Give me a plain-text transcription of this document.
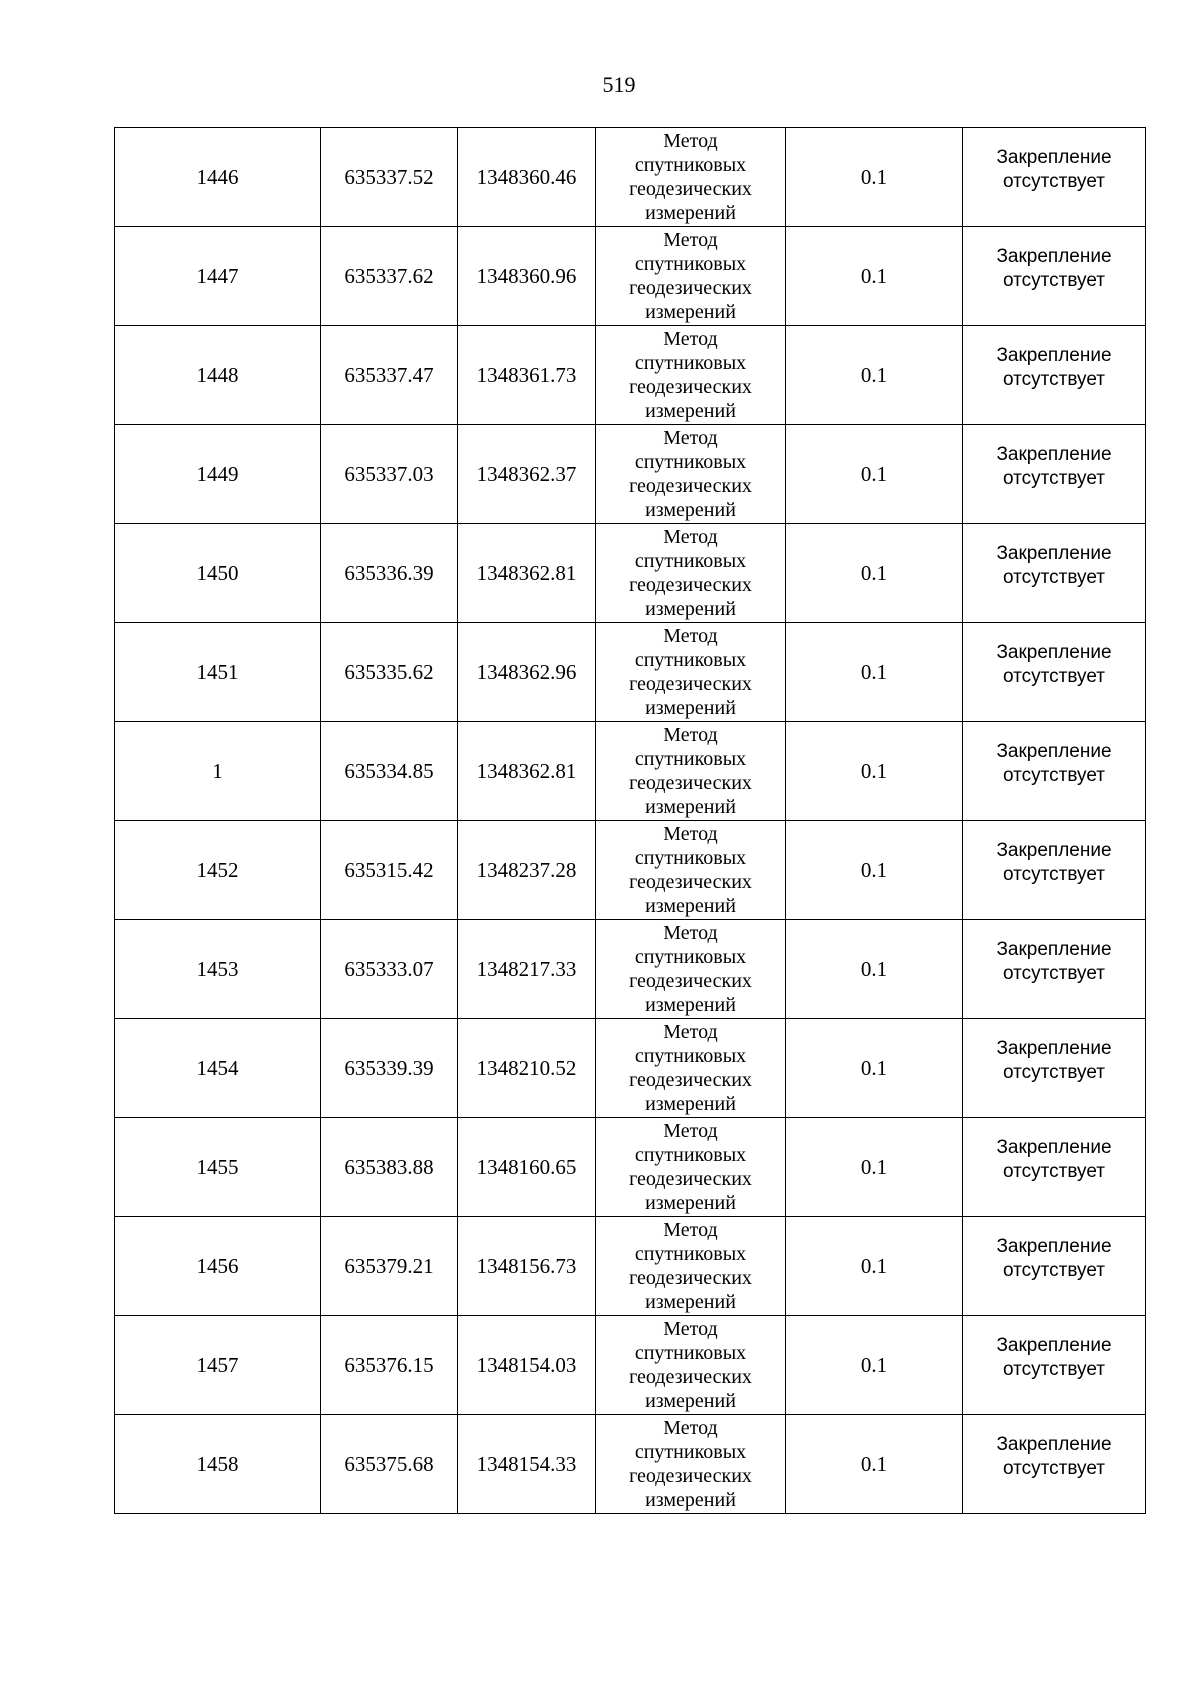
519
1446	635337.52	1348360.46	Метод
спутниковых
геодезических
измерений	0.1	Закрепление
отсутствует

1447	635337.62	1348360.96	Метод
спутниковых
геодезических
измерений	0.1	Закрепление
отсутствует

1448	635337.47	1348361.73	Метод
спутниковых
геодезических
измерений	0.1	Закрепление
отсутствует

1449	635337.03	1348362.37	Метод
спутниковых
геодезических
измерений	0.1	Закрепление
отсутствует

1450	635336.39	1348362.81	Метод
спутниковых
геодезических
измерений	0.1	Закрепление
отсутствует

1451	635335.62	1348362.96	Метод
спутниковых
геодезических
измерений	0.1	Закрепление
отсутствует

1	635334.85	1348362.81	Метод
спутниковых
геодезических
измерений	0.1	Закрепление
отсутствует

1452	635315.42	1348237.28	Метод
спутниковых
геодезических
измерений	0.1	Закрепление
отсутствует

1453	635333.07	1348217.33	Метод
спутниковых
геодезических
измерений	0.1	Закрепление
отсутствует

1454	635339.39	1348210.52	Метод
спутниковых
геодезических
измерений	0.1	Закрепление
отсутствует

1455	635383.88	1348160.65	Метод
спутниковых
геодезических
измерений	0.1	Закрепление
отсутствует

1456	635379.21	1348156.73	Метод
спутниковых
геодезических
измерений	0.1	Закрепление
отсутствует

1457	635376.15	1348154.03	Метод
спутниковых
геодезических
измерений	0.1	Закрепление
отсутствует

1458	635375.68	1348154.33	Метод
спутниковых
геодезических
измерений	0.1	Закрепление
отсутствует
